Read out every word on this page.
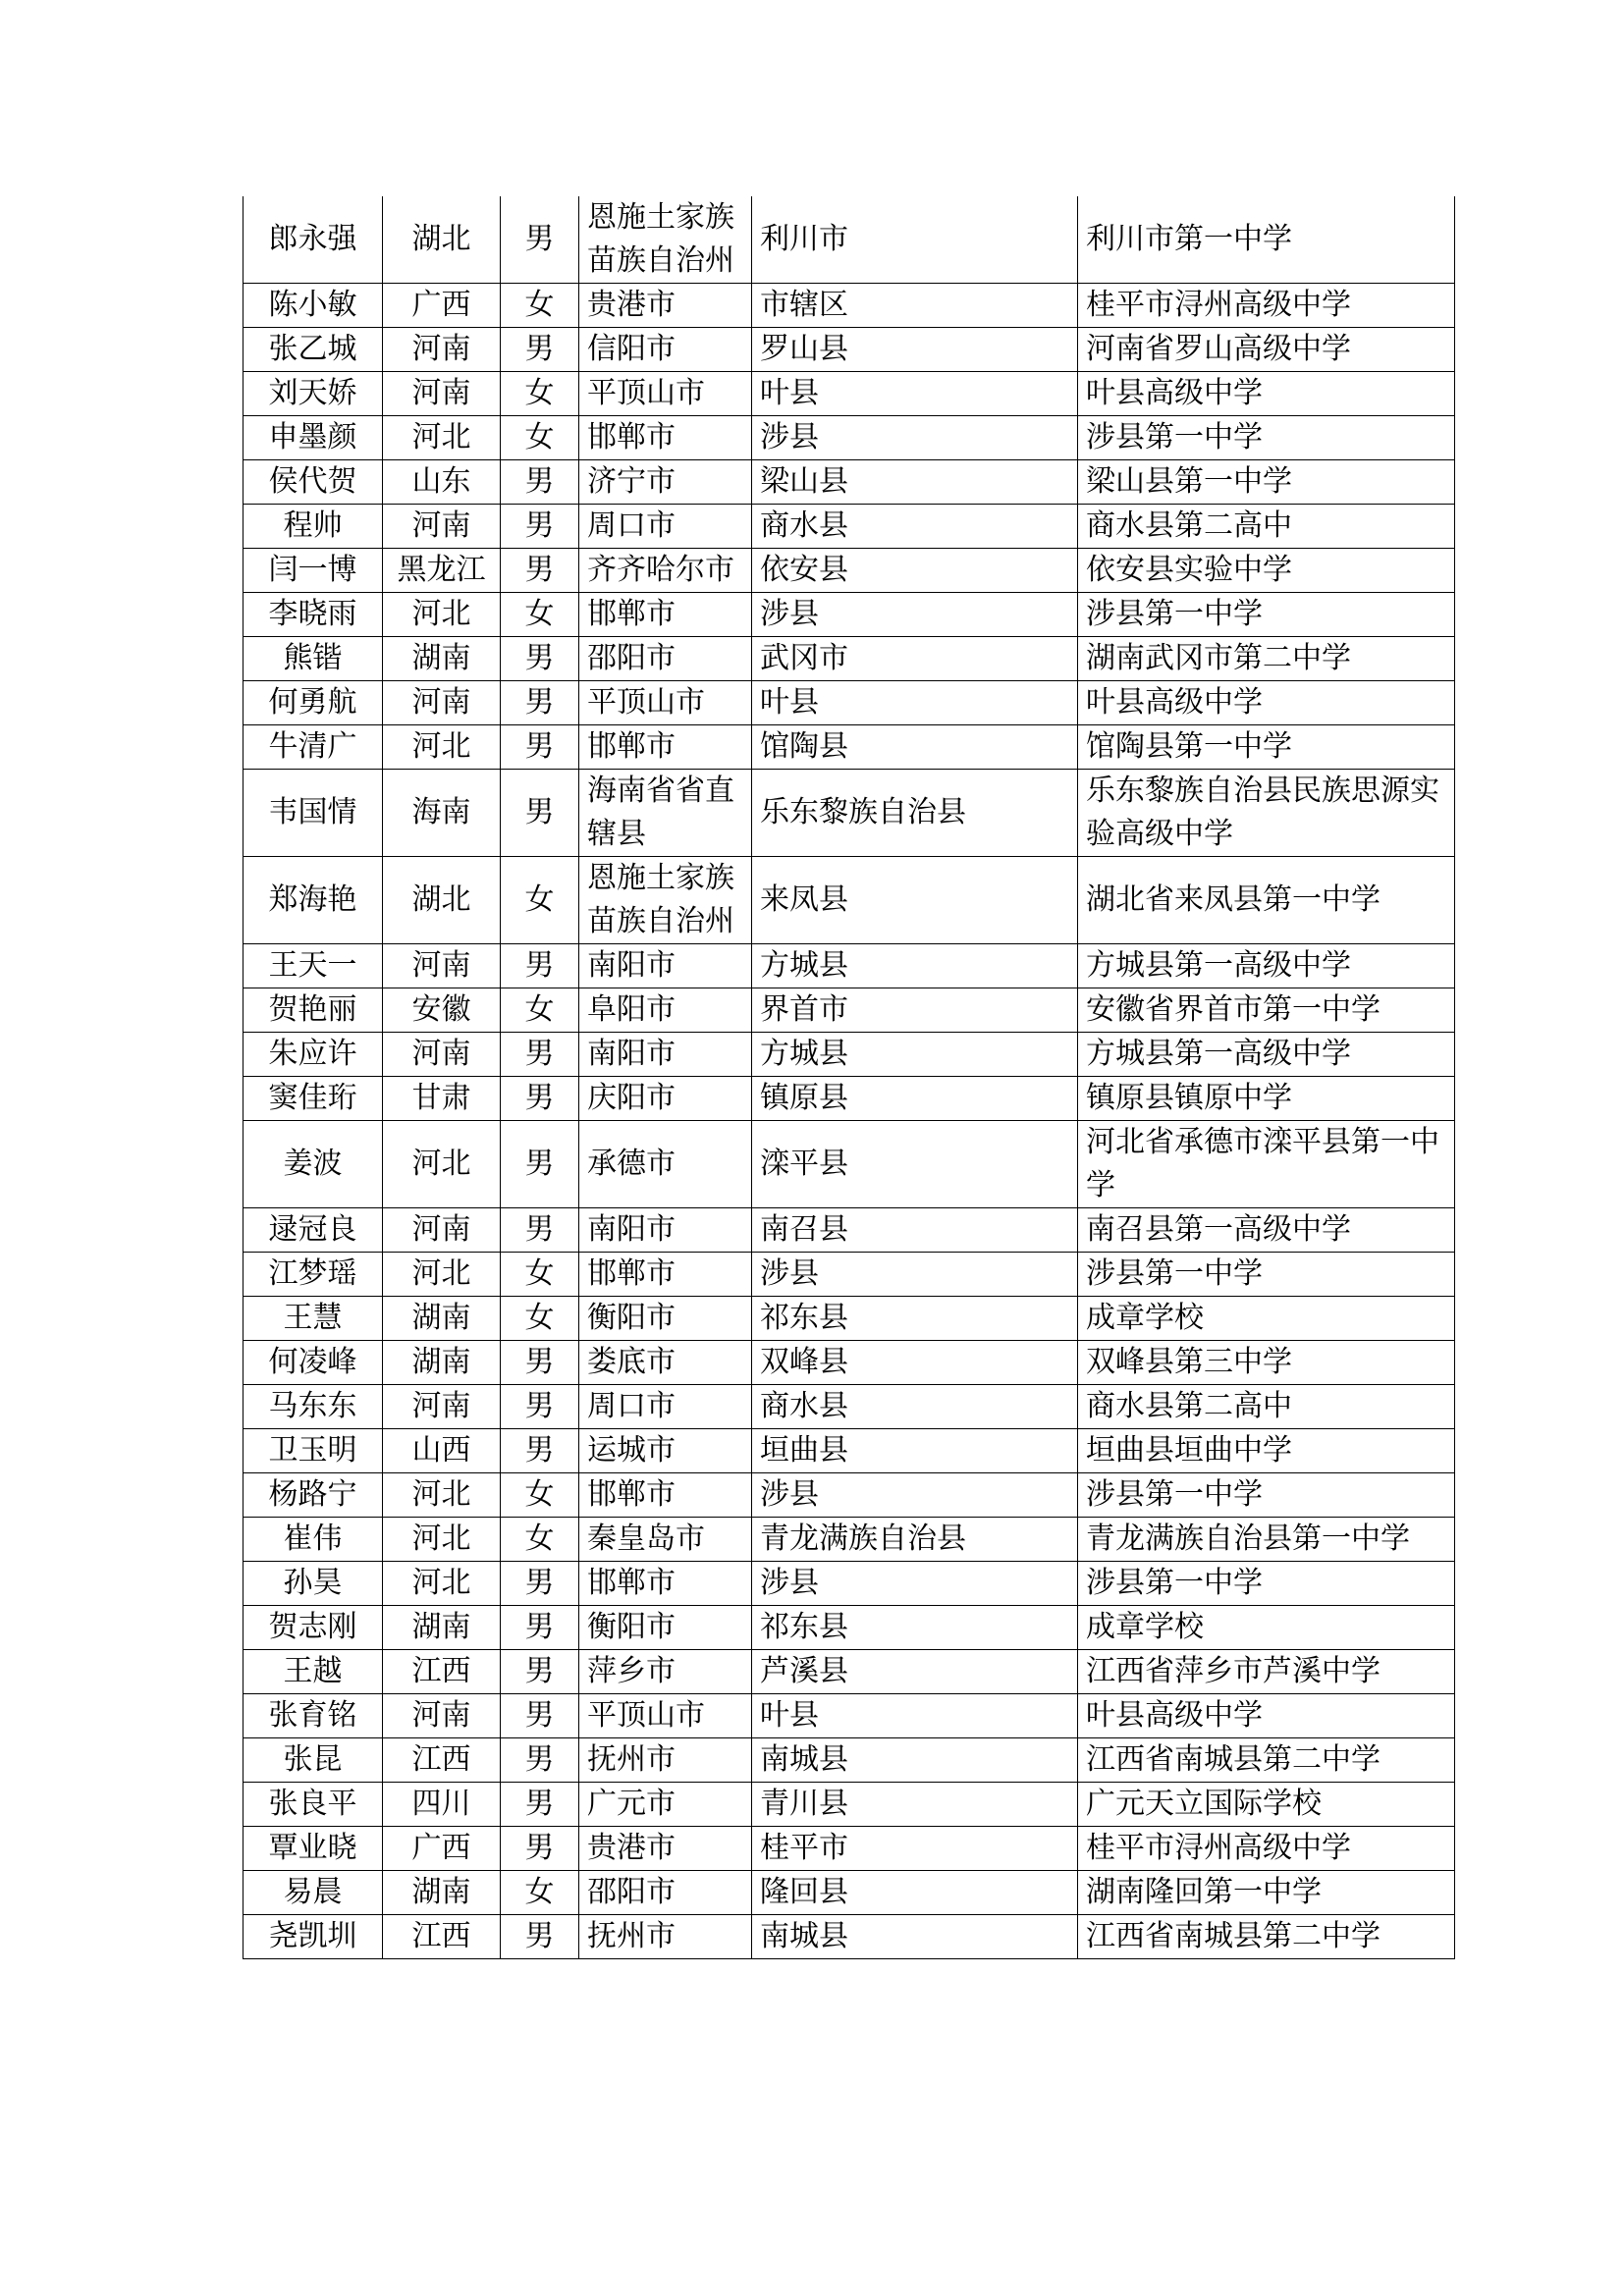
郎永强	湖北	男	恩施土家族苗族自治州	利川市	利川市第一中学
陈小敏	广西	女	贵港市	市辖区	桂平市浔州高级中学
张乙城	河南	男	信阳市	罗山县	河南省罗山高级中学
刘天娇	河南	女	平顶山市	叶县	叶县高级中学
申墨颜	河北	女	邯郸市	涉县	涉县第一中学
侯代贺	山东	男	济宁市	梁山县	梁山县第一中学
程帅	河南	男	周口市	商水县	商水县第二高中
闫一博	黑龙江	男	齐齐哈尔市	依安县	依安县实验中学
李晓雨	河北	女	邯郸市	涉县	涉县第一中学
熊锴	湖南	男	邵阳市	武冈市	湖南武冈市第二中学
何勇航	河南	男	平顶山市	叶县	叶县高级中学
牛清广	河北	男	邯郸市	馆陶县	馆陶县第一中学
韦国情	海南	男	海南省省直辖县	乐东黎族自治县	乐东黎族自治县民族思源实验高级中学
郑海艳	湖北	女	恩施土家族苗族自治州	来凤县	湖北省来凤县第一中学
王天一	河南	男	南阳市	方城县	方城县第一高级中学
贺艳丽	安徽	女	阜阳市	界首市	安徽省界首市第一中学
朱应许	河南	男	南阳市	方城县	方城县第一高级中学
窦佳珩	甘肃	男	庆阳市	镇原县	镇原县镇原中学
姜波	河北	男	承德市	滦平县	河北省承德市滦平县第一中学
逯冠良	河南	男	南阳市	南召县	南召县第一高级中学
江梦瑶	河北	女	邯郸市	涉县	涉县第一中学
王慧	湖南	女	衡阳市	祁东县	成章学校
何凌峰	湖南	男	娄底市	双峰县	双峰县第三中学
马东东	河南	男	周口市	商水县	商水县第二高中
卫玉明	山西	男	运城市	垣曲县	垣曲县垣曲中学
杨路宁	河北	女	邯郸市	涉县	涉县第一中学
崔伟	河北	女	秦皇岛市	青龙满族自治县	青龙满族自治县第一中学
孙昊	河北	男	邯郸市	涉县	涉县第一中学
贺志刚	湖南	男	衡阳市	祁东县	成章学校
王越	江西	男	萍乡市	芦溪县	江西省萍乡市芦溪中学
张育铭	河南	男	平顶山市	叶县	叶县高级中学
张昆	江西	男	抚州市	南城县	江西省南城县第二中学
张良平	四川	男	广元市	青川县	广元天立国际学校
覃业晓	广西	男	贵港市	桂平市	桂平市浔州高级中学
易晨	湖南	女	邵阳市	隆回县	湖南隆回第一中学
尧凯圳	江西	男	抚州市	南城县	江西省南城县第二中学
